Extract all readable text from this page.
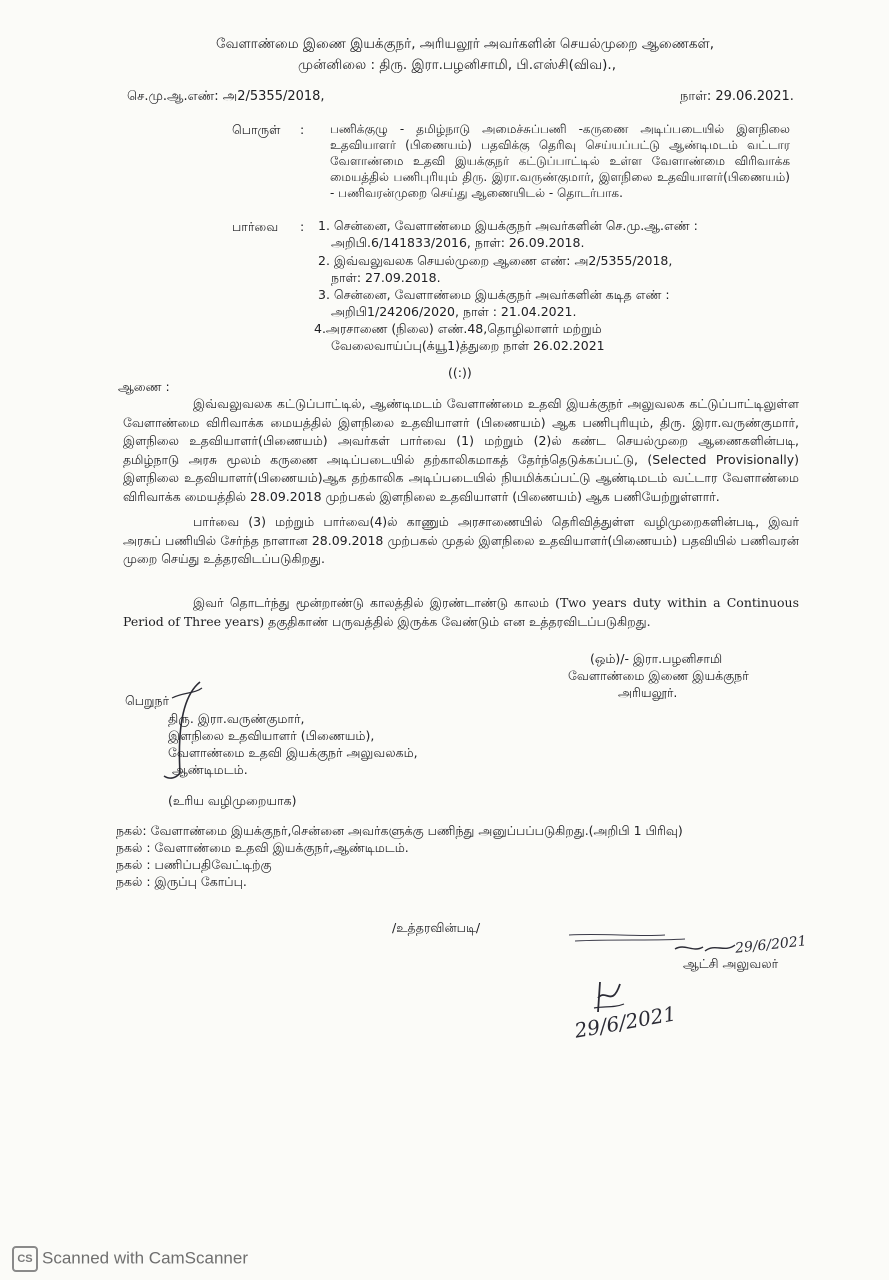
வேளாண்மை இணை இயக்குநர், அரியலூர் அவர்களின் செயல்முறை ஆணைகள்,
முன்னிலை : திரு. இரா.பழனிசாமி, பி.எஸ்சி(விவ).,
செ.மு.ஆ.எண்: அ2/5355/2018,	நாள்: 29.06.2021.
பொருள் : பணிக்குழு - தமிழ்நாடு அமைச்சுப்பணி -கருணை அடிப்படையில் இளநிலை உதவியாளர் (பிணையம்) பதவிக்கு தெரிவு செய்யப்பட்டு ஆண்டிமடம் வட்டார வேளாண்மை உதவி இயக்குநர் கட்டுப்பாட்டில் உள்ள வேளாண்மை விரிவாக்க மையத்தில் பணிபுரியும் திரு. இரா.வருண்குமார், இளநிலை உதவியாளர்(பிணையம்) - பணிவரன்முறை செய்து ஆணையிடல் - தொடர்பாக.
பார்வை : 1. சென்னை, வேளாண்மை இயக்குநர் அவர்களின் செ.மு.ஆ.எண் :
அறிபி.6/141833/2016, நாள்: 26.09.2018.
2. இவ்வலுவலக செயல்முறை ஆணை எண்: அ2/5355/2018,
நாள்: 27.09.2018.
3. சென்னை, வேளாண்மை இயக்குநர் அவர்களின் கடித எண் :
அறிபி1/24206/2020, நாள் : 21.04.2021.
4.அரசாணை (நிலை) எண்.48,தொழிலாளர் மற்றும்
வேலைவாய்ப்பு(க்யூ1)த்துறை நாள் 26.02.2021
((:))
ஆணை :
இவ்வலுவலக கட்டுப்பாட்டில், ஆண்டிமடம் வேளாண்மை உதவி இயக்குநர் அலுவலக கட்டுப்பாட்டிலுள்ள வேளாண்மை விரிவாக்க மையத்தில் இளநிலை உதவியாளர் (பிணையம்) ஆக பணிபுரியும், திரு. இரா.வருண்குமார், இளநிலை உதவியாளர்(பிணையம்) அவர்கள் பார்வை (1) மற்றும் (2)ல் கண்ட செயல்முறை ஆணைகளின்படி, தமிழ்நாடு அரசு மூலம் கருணை அடிப்படையில் தற்காலிகமாகத் தேர்ந்தெடுக்கப்பட்டு, (Selected Provisionally) இளநிலை உதவியாளர்(பிணையம்)ஆக தற்காலிக அடிப்படையில் நியமிக்கப்பட்டு ஆண்டிமடம் வட்டார வேளாண்மை விரிவாக்க மையத்தில் 28.09.2018 முற்பகல் இளநிலை உதவியாளர் (பிணையம்) ஆக பணியேற்றுள்ளார்.
பார்வை (3) மற்றும் பார்வை(4)ல் காணும் அரசாணையில் தெரிவித்துள்ள வழிமுறைகளின்படி, இவர் அரசுப் பணியில் சேர்ந்த நாளான 28.09.2018 முற்பகல் முதல் இளநிலை உதவியாளர்(பிணையம்) பதவியில் பணிவரன் முறை செய்து உத்தரவிடப்படுகிறது.
இவர் தொடர்ந்து மூன்றாண்டு காலத்தில் இரண்டாண்டு காலம் (Two years duty within a Continuous Period of Three years) தகுதிகாண் பருவத்தில் இருக்க வேண்டும் என உத்தரவிடப்படுகிறது.
(ஒம்)/- இரா.பழனிசாமி
வேளாண்மை இணை இயக்குநர்
அரியலூர்.
பெறுநர்
திரு. இரா.வருண்குமார்,
இளநிலை உதவியாளர் (பிணையம்),
வேளாண்மை உதவி இயக்குநர் அலுவலகம்,
ஆண்டிமடம்.
(உரிய வழிமுறையாக)
நகல்: வேளாண்மை இயக்குநர்,சென்னை அவர்களுக்கு பணிந்து அனுப்பப்படுகிறது.(அறிபி 1 பிரிவு)
நகல் : வேளாண்மை உதவி இயக்குநர்,ஆண்டிமடம்.
நகல் : பணிப்பதிவேட்டிற்கு
நகல் : இருப்பு கோப்பு.
/உத்தரவின்படி/
29/6/2021
ஆட்சி அலுவலர்
29/6/2021
CS Scanned with CamScanner
